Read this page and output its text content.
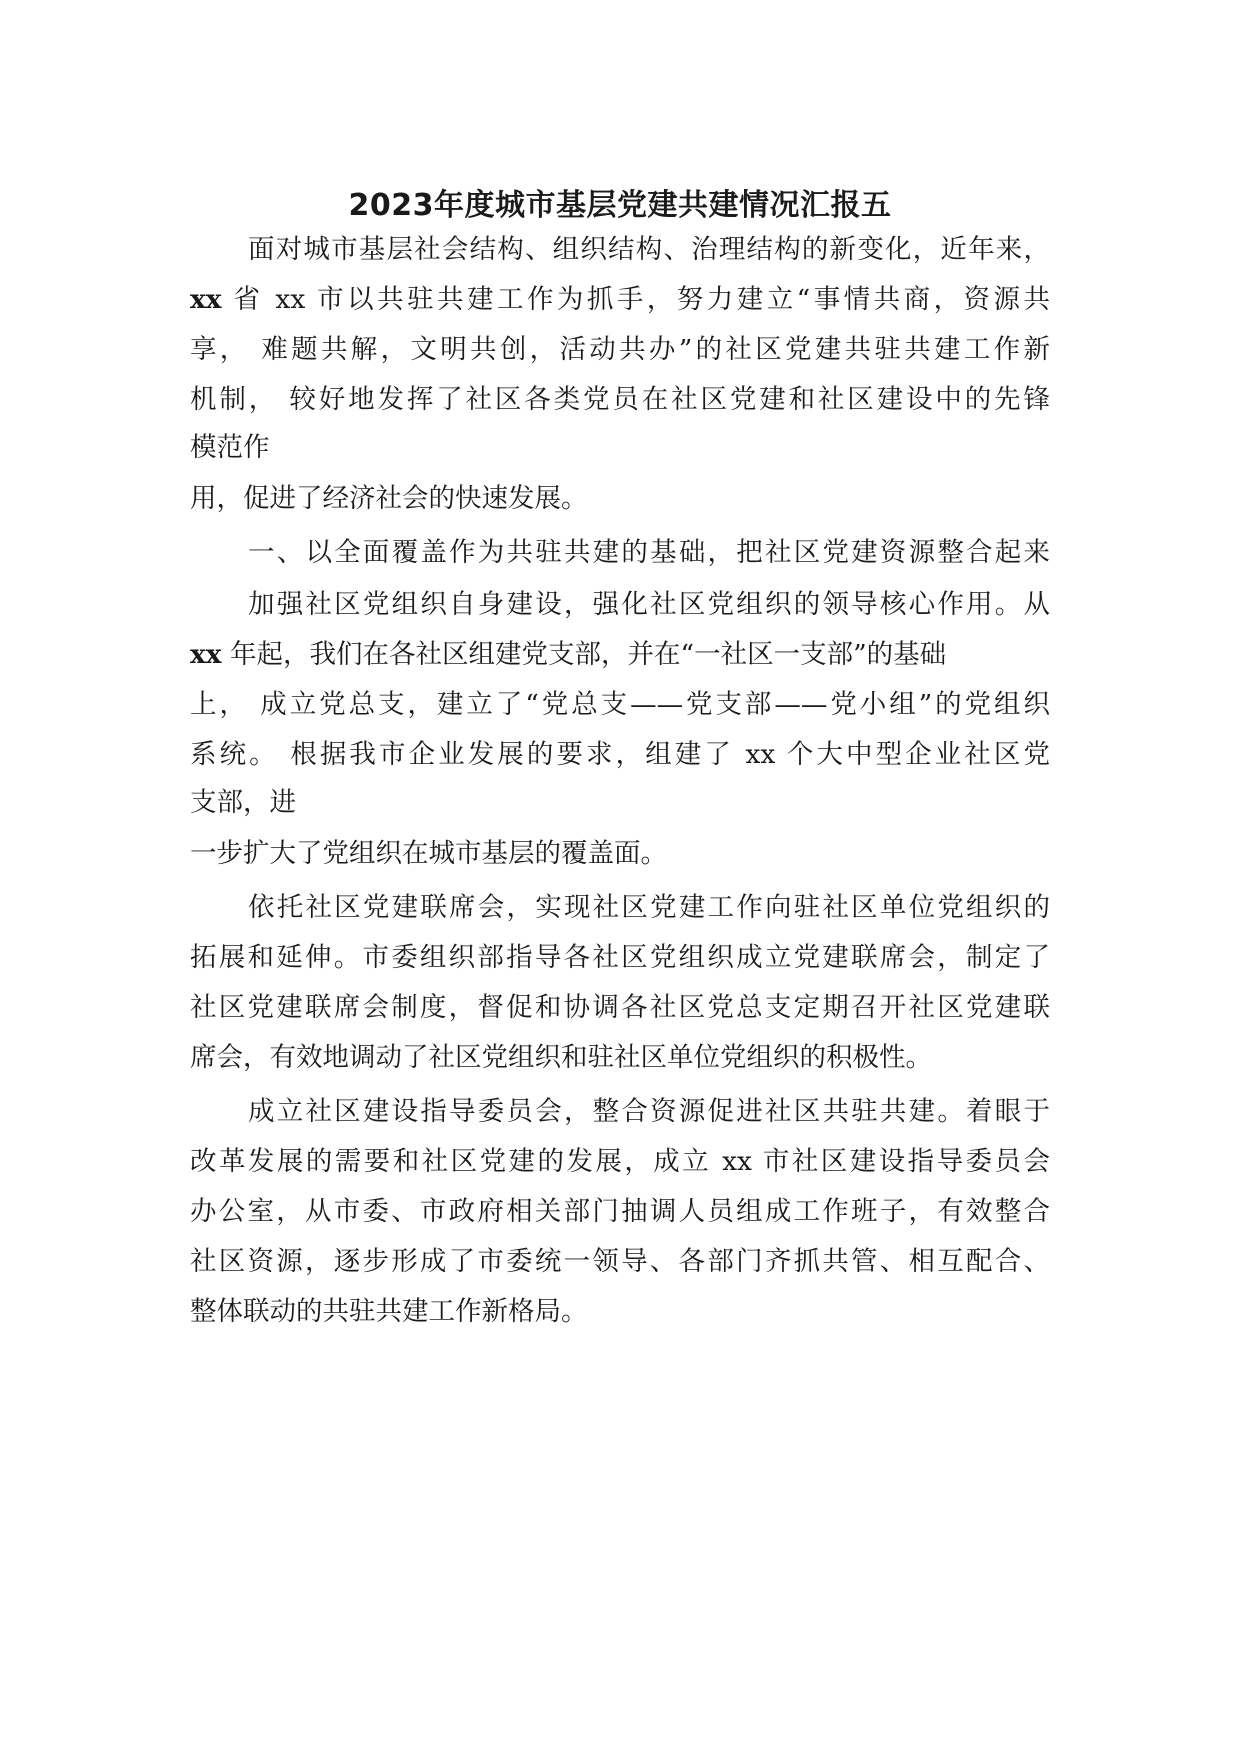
2023年度城市基层党建共建情况汇报五
面对城市基层社会结构、组织结构、治理结构的新变化，近年来，
xx 省 xx 市以共驻共建工作为抓手，努力建立“事情共商，资源共
享， 难题共解，文明共创，活动共办”的社区党建共驻共建工作新
机制， 较好地发挥了社区各类党员在社区党建和社区建设中的先锋
模范作
用，促进了经济社会的快速发展。
一、以全面覆盖作为共驻共建的基础，把社区党建资源整合起来
加强社区党组织自身建设，强化社区党组织的领导核心作用。从
xx 年起，我们在各社区组建党支部，并在“一社区一支部”的基础
上， 成立党总支，建立了“党总支——党支部——党小组”的党组织
系统。 根据我市企业发展的要求，组建了 xx 个大中型企业社区党
支部，进
一步扩大了党组织在城市基层的覆盖面。
依托社区党建联席会，实现社区党建工作向驻社区单位党组织的
拓展和延伸。市委组织部指导各社区党组织成立党建联席会，制定了
社区党建联席会制度，督促和协调各社区党总支定期召开社区党建联
席会，有效地调动了社区党组织和驻社区单位党组织的积极性。
成立社区建设指导委员会，整合资源促进社区共驻共建。着眼于
改革发展的需要和社区党建的发展，成立 xx 市社区建设指导委员会
办公室，从市委、市政府相关部门抽调人员组成工作班子，有效整合
社区资源，逐步形成了市委统一领导、各部门齐抓共管、相互配合、
整体联动的共驻共建工作新格局。
